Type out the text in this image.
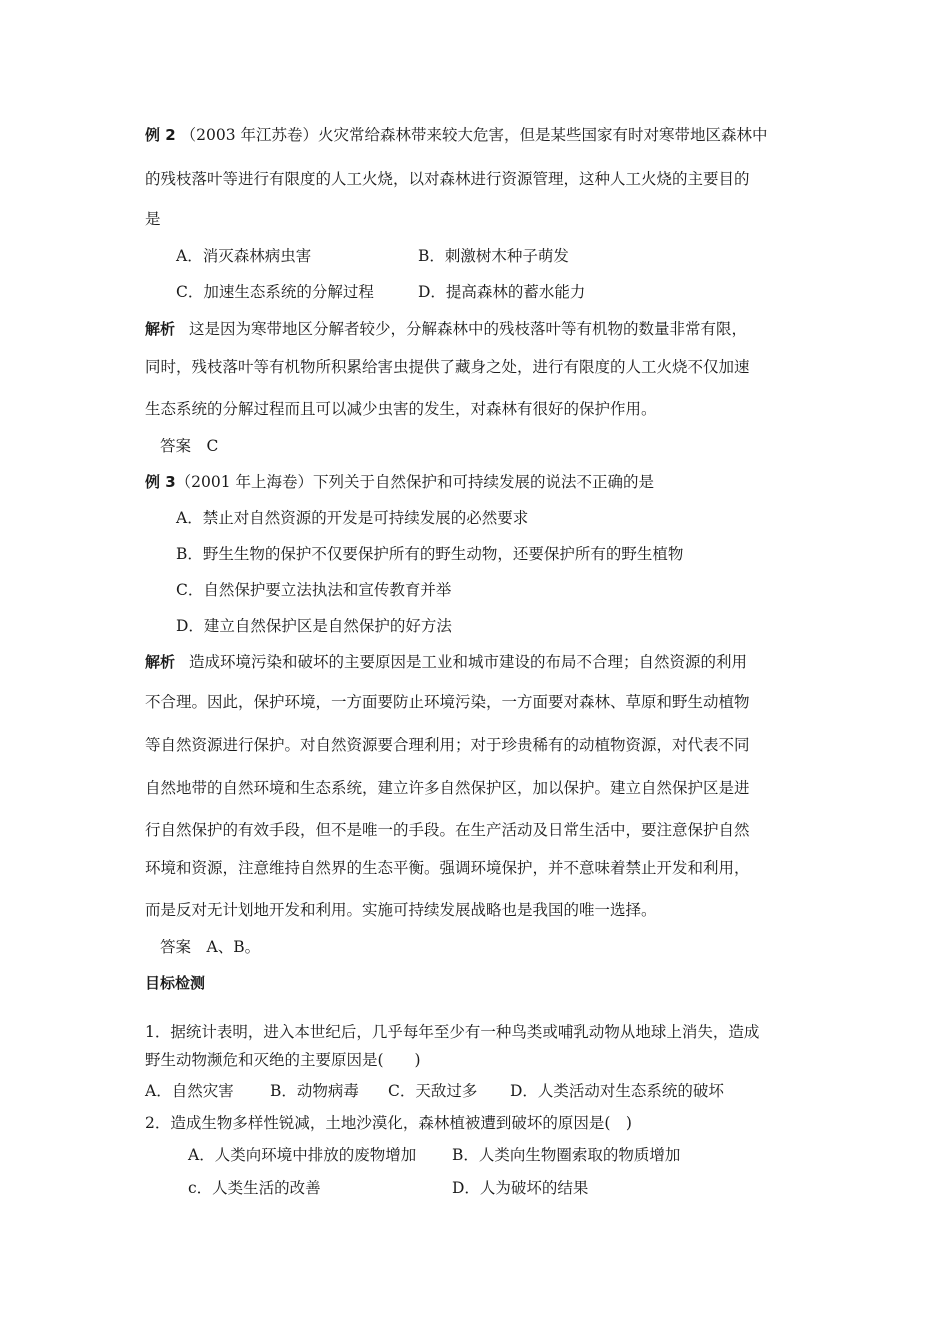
例 2 （2003 年江苏卷）火灾常给森林带来较大危害，但是某些国家有时对寒带地区森林中
的残枝落叶等进行有限度的人工火烧，以对森林进行资源管理，这种人工火烧的主要目的
是
A．消灭森林病虫害	B．刺激树木种子萌发
C．加速生态系统的分解过程	D．提高森林的蓄水能力
解析 这是因为寒带地区分解者较少，分解森林中的残枝落叶等有机物的数量非常有限，
同时，残枝落叶等有机物所积累给害虫提供了藏身之处，进行有限度的人工火烧不仅加速
生态系统的分解过程而且可以减少虫害的发生，对森林有很好的保护作用。
答案　C
例 3（2001 年上海卷）下列关于自然保护和可持续发展的说法不正确的是
A．禁止对自然资源的开发是可持续发展的必然要求
B．野生生物的保护不仅要保护所有的野生动物，还要保护所有的野生植物
C．自然保护要立法执法和宣传教育并举
D．建立自然保护区是自然保护的好方法
解析 造成环境污染和破坏的主要原因是工业和城市建设的布局不合理；自然资源的利用
不合理。因此，保护环境，一方面要防止环境污染，一方面要对森林、草原和野生动植物
等自然资源进行保护。对自然资源要合理利用；对于珍贵稀有的动植物资源，对代表不同
自然地带的自然环境和生态系统，建立许多自然保护区，加以保护。建立自然保护区是进
行自然保护的有效手段，但不是唯一的手段。在生产活动及日常生活中，要注意保护自然
环境和资源，注意维持自然界的生态平衡。强调环境保护，并不意味着禁止开发和利用，
而是反对无计划地开发和利用。实施可持续发展战略也是我国的唯一选择。
答案　A、B。
目标检测
1．据统计表明，进入本世纪后，几乎每年至少有一种鸟类或哺乳动物从地球上消失，造成
野生动物濒危和灭绝的主要原因是(　　)
A．自然灾害 B．动物病毒 C．天敌过多 D．人类活动对生态系统的破坏
2．造成生物多样性锐减，土地沙漠化，森林植被遭到破坏的原因是(　)
A．人类向环境中排放的废物增加 B．人类向生物圈索取的物质增加
c．人类生活的改善	D．人为破坏的结果
